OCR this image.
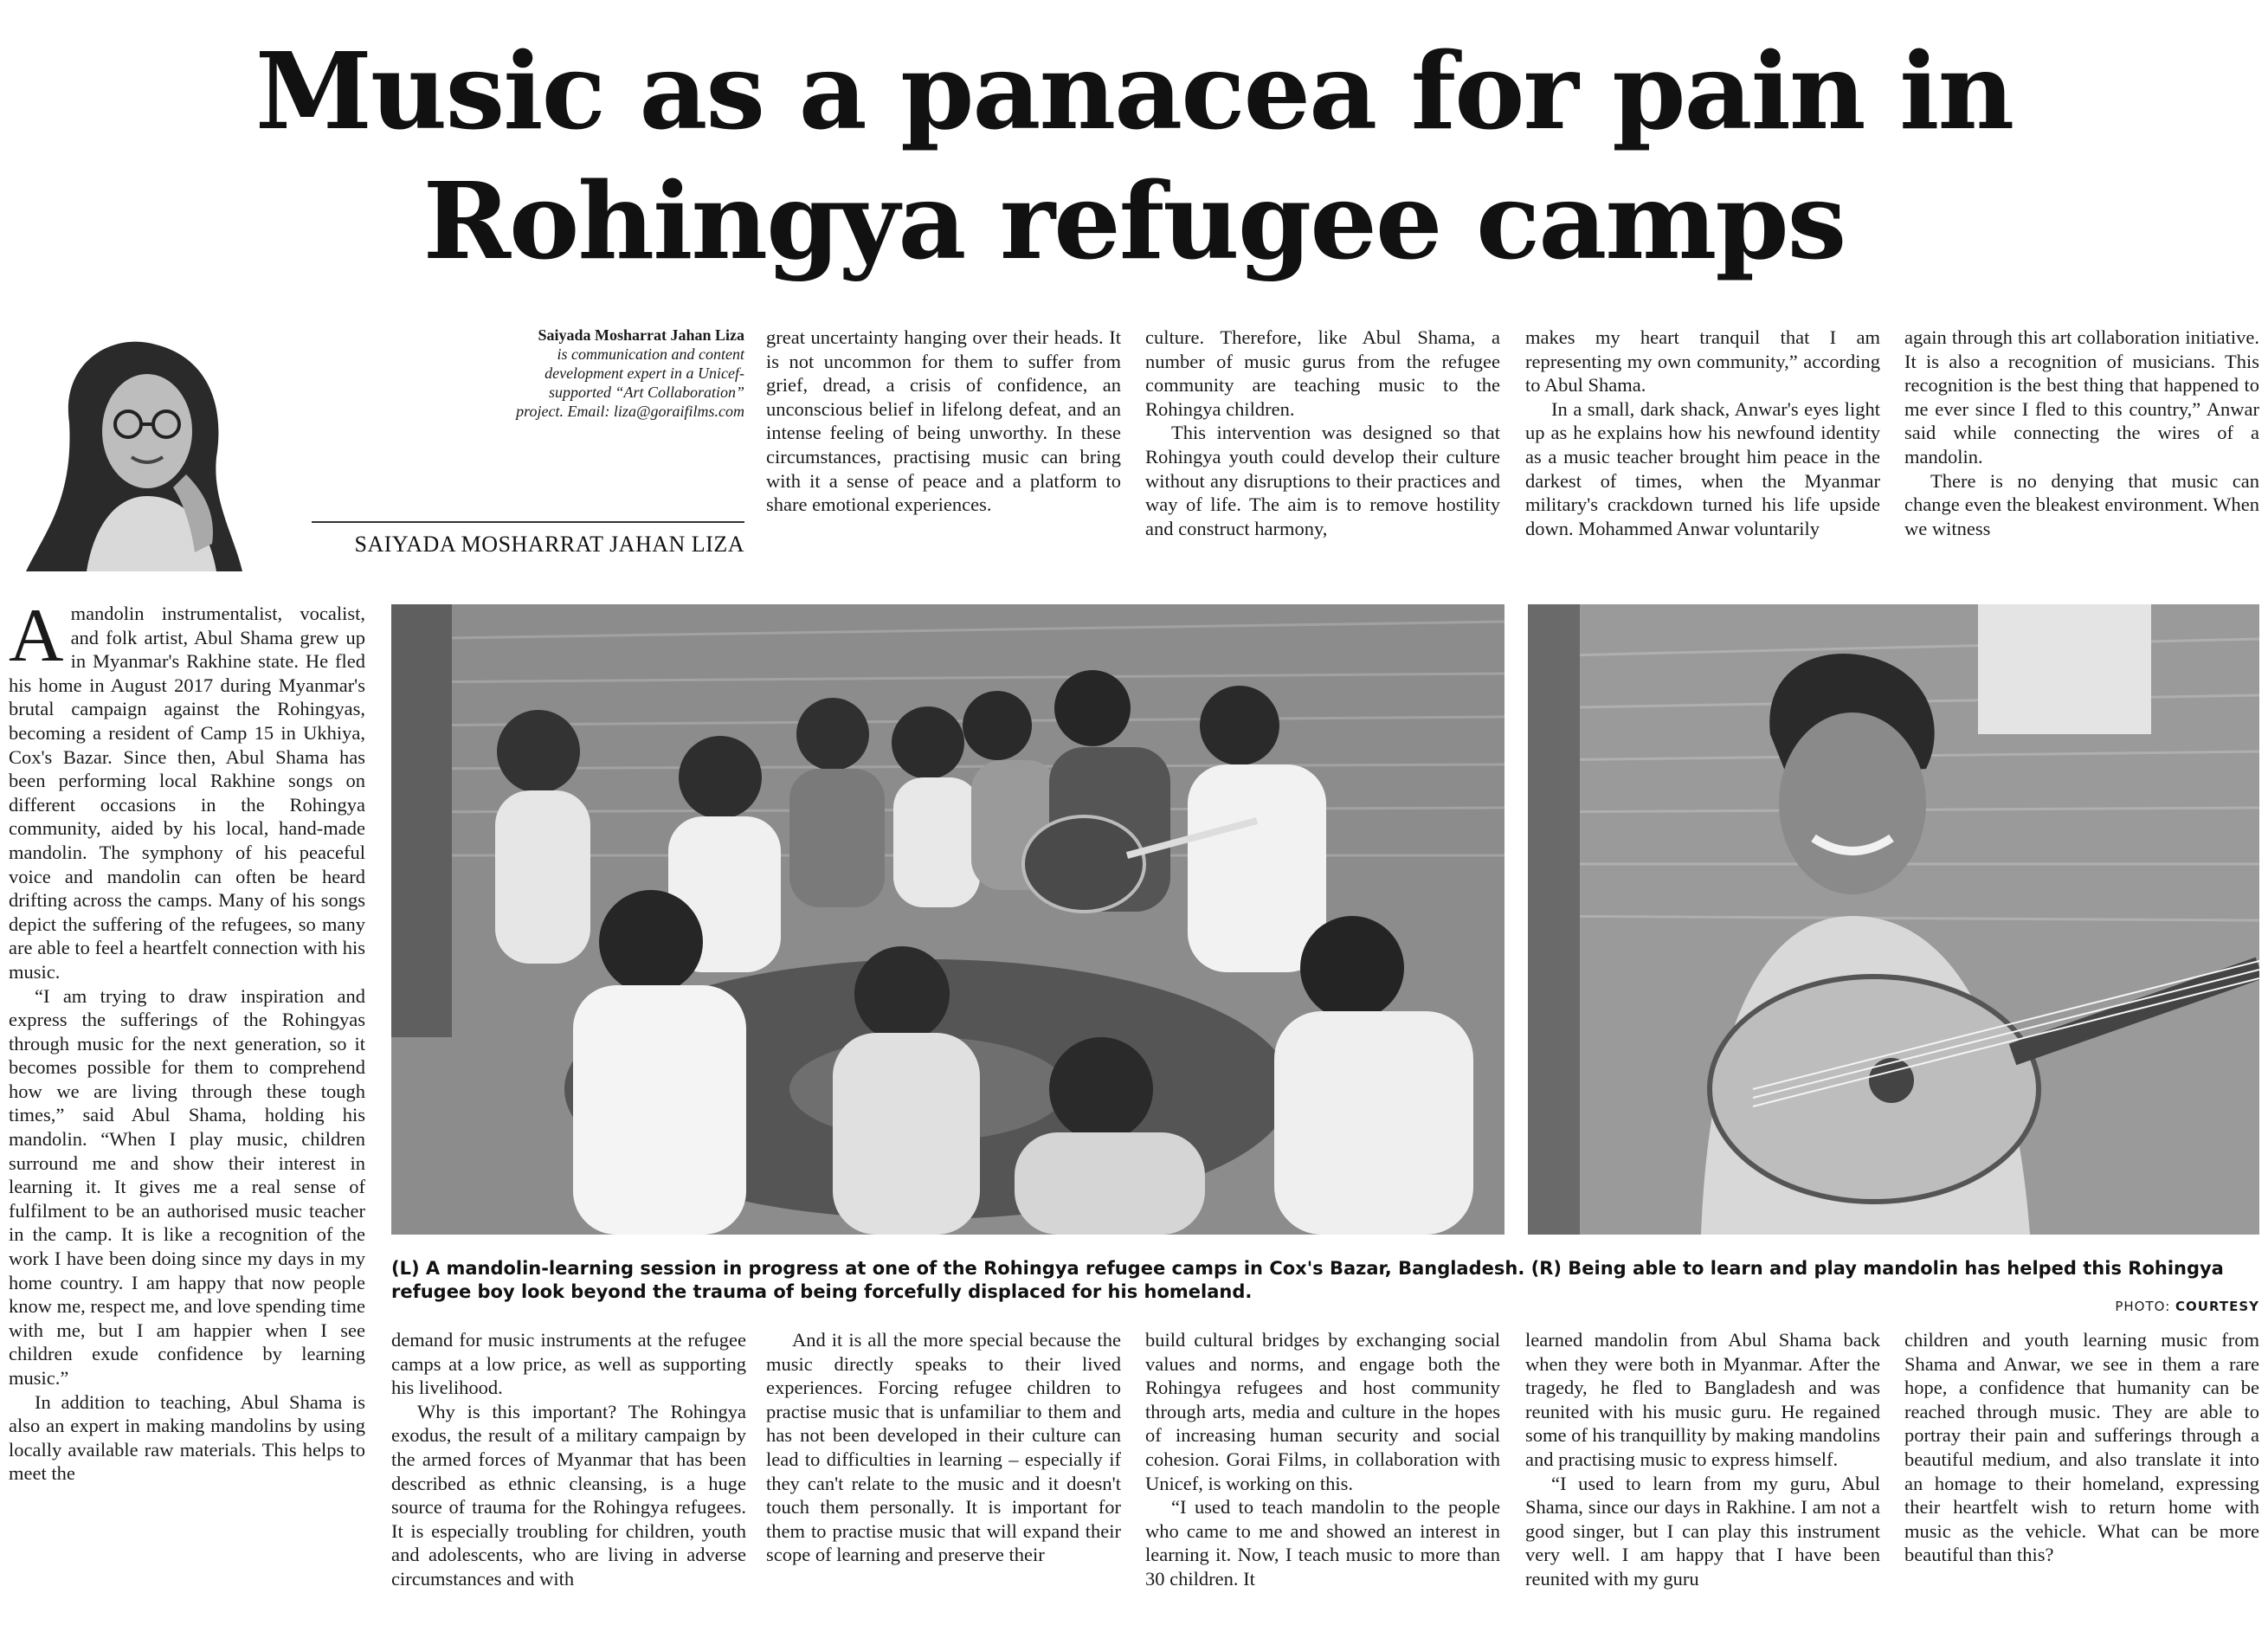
Music as a panacea for pain in
Rohingya refugee camps
Saiyada Mosharrat Jahan Liza
is communication and content
development expert in a Unicef-
supported “Art Collaboration”
project. Email: liza@goraifilms.com
SAIYADA MOSHARRAT JAHAN LIZA

great uncertainty hanging over their heads. It is not uncommon for them to suffer from grief, dread, a crisis of confidence, an unconscious belief in lifelong defeat, and an intense feeling of being unworthy. In these circumstances, practising music can bring with it a sense of peace and a platform to share emotional experiences.

culture. Therefore, like Abul Shama, a number of music gurus from the refugee community are teaching music to the Rohingya children.

This intervention was designed so that Rohingya youth could develop their culture without any disruptions to their practices and way of life. The aim is to remove hostility and construct harmony,

makes my heart tranquil that I am representing my own community,” according to Abul Shama.

In a small, dark shack, Anwar's eyes light up as he explains how his newfound identity as a music teacher brought him peace in the darkest of times, when the Myanmar military's crackdown turned his life upside down. Mohammed Anwar voluntarily

again through this art collaboration initiative. It is also a recognition of musicians. This recognition is the best thing that happened to me ever since I fled to this country,” Anwar said while connecting the wires of a mandolin.

There is no denying that music can change even the bleakest environment. When we witness

Amandolin instrumentalist, vocalist, and folk artist, Abul Shama grew up in Myanmar's Rakhine state. He fled his home in August 2017 during Myanmar's brutal campaign against the Rohingyas, becoming a resident of Camp 15 in Ukhiya, Cox's Bazar. Since then, Abul Shama has been performing local Rakhine songs on different occasions in the Rohingya community, aided by his local, hand-made mandolin. The symphony of his peaceful voice and mandolin can often be heard drifting across the camps. Many of his songs depict the suffering of the refugees, so many are able to feel a heartfelt connection with his music.

“I am trying to draw inspiration and express the sufferings of the Rohingyas through music for the next generation, so it becomes possible for them to comprehend how we are living through these tough times,” said Abul Shama, holding his mandolin. “When I play music, children surround me and show their interest in learning it. It gives me a real sense of fulfilment to be an authorised music teacher in the camp. It is like a recognition of the work I have been doing since my days in my home country. I am happy that now people know me, respect me, and love spending time with me, but I am happier when I see children exude confidence by learning music.”

In addition to teaching, Abul Shama is also an expert in making mandolins by using locally available raw materials. This helps to meet the

(L) A mandolin-learning session in progress at one of the Rohingya refugee camps in Cox's Bazar, Bangladesh. (R) Being able to learn and play mandolin has helped this Rohingya refugee boy look beyond the trauma of being forcefully displaced for his homeland.
PHOTO: COURTESY

demand for music instruments at the refugee camps at a low price, as well as supporting his livelihood.

Why is this important? The Rohingya exodus, the result of a military campaign by the armed forces of Myanmar that has been described as ethnic cleansing, is a huge source of trauma for the Rohingya refugees. It is especially troubling for children, youth and adolescents, who are living in adverse circumstances and with

And it is all the more special because the music directly speaks to their lived experiences. Forcing refugee children to practise music that is unfamiliar to them and has not been developed in their culture can lead to difficulties in learning – especially if they can't relate to the music and it doesn't touch them personally. It is important for them to practise music that will expand their scope of learning and preserve their

build cultural bridges by exchanging social values and norms, and engage both the Rohingya refugees and host community through arts, media and culture in the hopes of increasing human security and social cohesion. Gorai Films, in collaboration with Unicef, is working on this.

“I used to teach mandolin to the people who came to me and showed an interest in learning it. Now, I teach music to more than 30 children. It

learned mandolin from Abul Shama back when they were both in Myanmar. After the tragedy, he fled to Bangladesh and was reunited with his music guru. He regained some of his tranquillity by making mandolins and practising music to express himself.

“I used to learn from my guru, Abul Shama, since our days in Rakhine. I am not a good singer, but I can play this instrument very well. I am happy that I have been reunited with my guru

children and youth learning music from Shama and Anwar, we see in them a rare hope, a confidence that humanity can be reached through music. They are able to portray their pain and sufferings through a beautiful medium, and also translate it into an homage to their homeland, expressing their heartfelt wish to return home with music as the vehicle. What can be more beautiful than this?
